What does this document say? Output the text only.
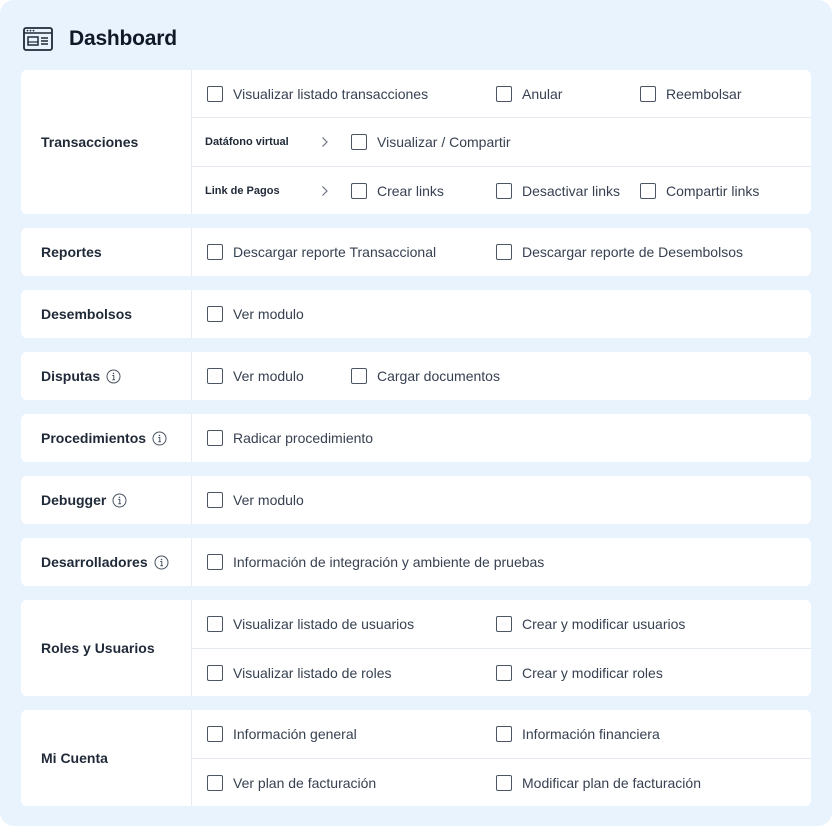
Dashboard
Transacciones
Visualizar listado transacciones	Anular	Reembolsar
Datáfono virtual	Visualizar / Compartir
Link de Pagos	Crear links	Desactivar links	Compartir links
Reportes	Descargar reporte Transaccional	Descargar reporte de Desembolsos
Desembolsos	Ver modulo
Disputas	Ver modulo	Cargar documentos
Procedimientos	Radicar procedimiento
Debugger	Ver modulo
Desarrolladores	Información de integración y ambiente de pruebas
Roles y Usuarios
Visualizar listado de usuarios	Crear y modificar usuarios
Visualizar listado de roles	Crear y modificar roles
Mi Cuenta
Información general	Información financiera
Ver plan de facturación	Modificar plan de facturación
